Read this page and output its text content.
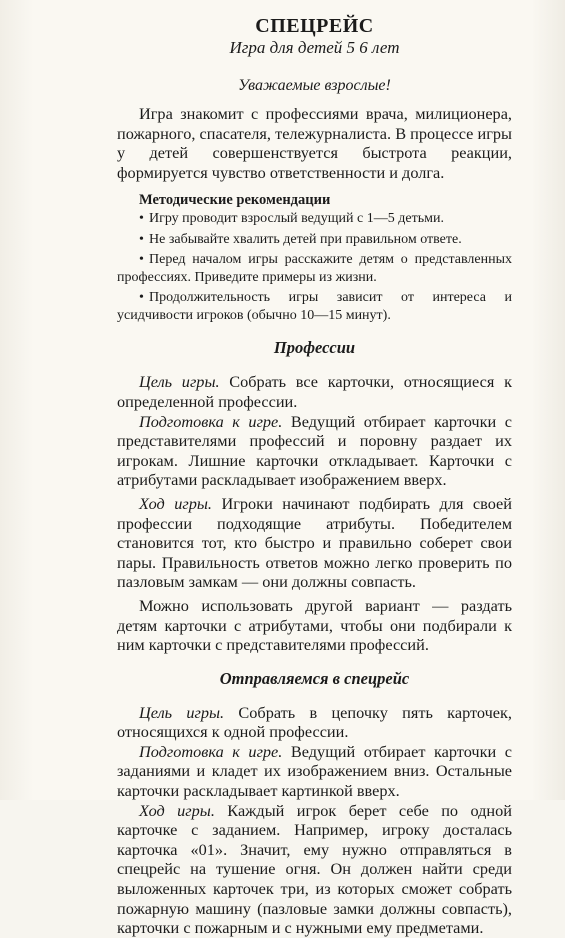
СПЕЦРЕЙС
Игра для детей 5 6 лет
Уважаемые взрослые!

Игра знакомит с профессиями врача, милиционера, пожарного, спасателя, тележурналиста. В процессе игры у детей совершенствуется быстрота реакции, формируется чувство ответственности и долга.

Методические рекомендации
• Игру проводит взрослый ведущий с 1—5 детьми.
• Не забывайте хвалить детей при правильном ответе.
• Перед началом игры расскажите детям о представленных профессиях. Приведите примеры из жизни.
• Продолжительность игры зависит от интереса и усидчивости игроков (обычно 10—15 минут).
Профессии

Цель игры. Собрать все карточки, относящиеся к определенной профессии.

Подготовка к игре. Ведущий отбирает карточки с представителями профессий и поровну раздает их игрокам. Лишние карточки откладывает. Карточки с атрибутами раскладывает изображением вверх.

Ход игры. Игроки начинают подбирать для своей профессии подходящие атрибуты. Победителем становится тот, кто быстро и правильно соберет свои пары. Правильность ответов можно легко проверить по пазловым замкам — они должны совпасть.

Можно использовать другой вариант — раздать детям карточки с атрибутами, чтобы они подбирали к ним карточки с представителями профессий.

Отправляемся в спецрейс

Цель игры. Собрать в цепочку пять карточек, относящихся к одной профессии.

Подготовка к игре. Ведущий отбирает карточки с заданиями и кладет их изображением вниз. Остальные карточки раскладывает картинкой вверх.

Ход игры. Каждый игрок берет себе по одной карточке с заданием. Например, игроку досталась карточка «01». Значит, ему нужно отправляться в спецрейс на тушение огня. Он должен найти среди выложенных карточек три, из которых сможет собрать пожарную машину (пазловые замки должны совпасть), карточки с пожарным и с нужными ему предметами.
